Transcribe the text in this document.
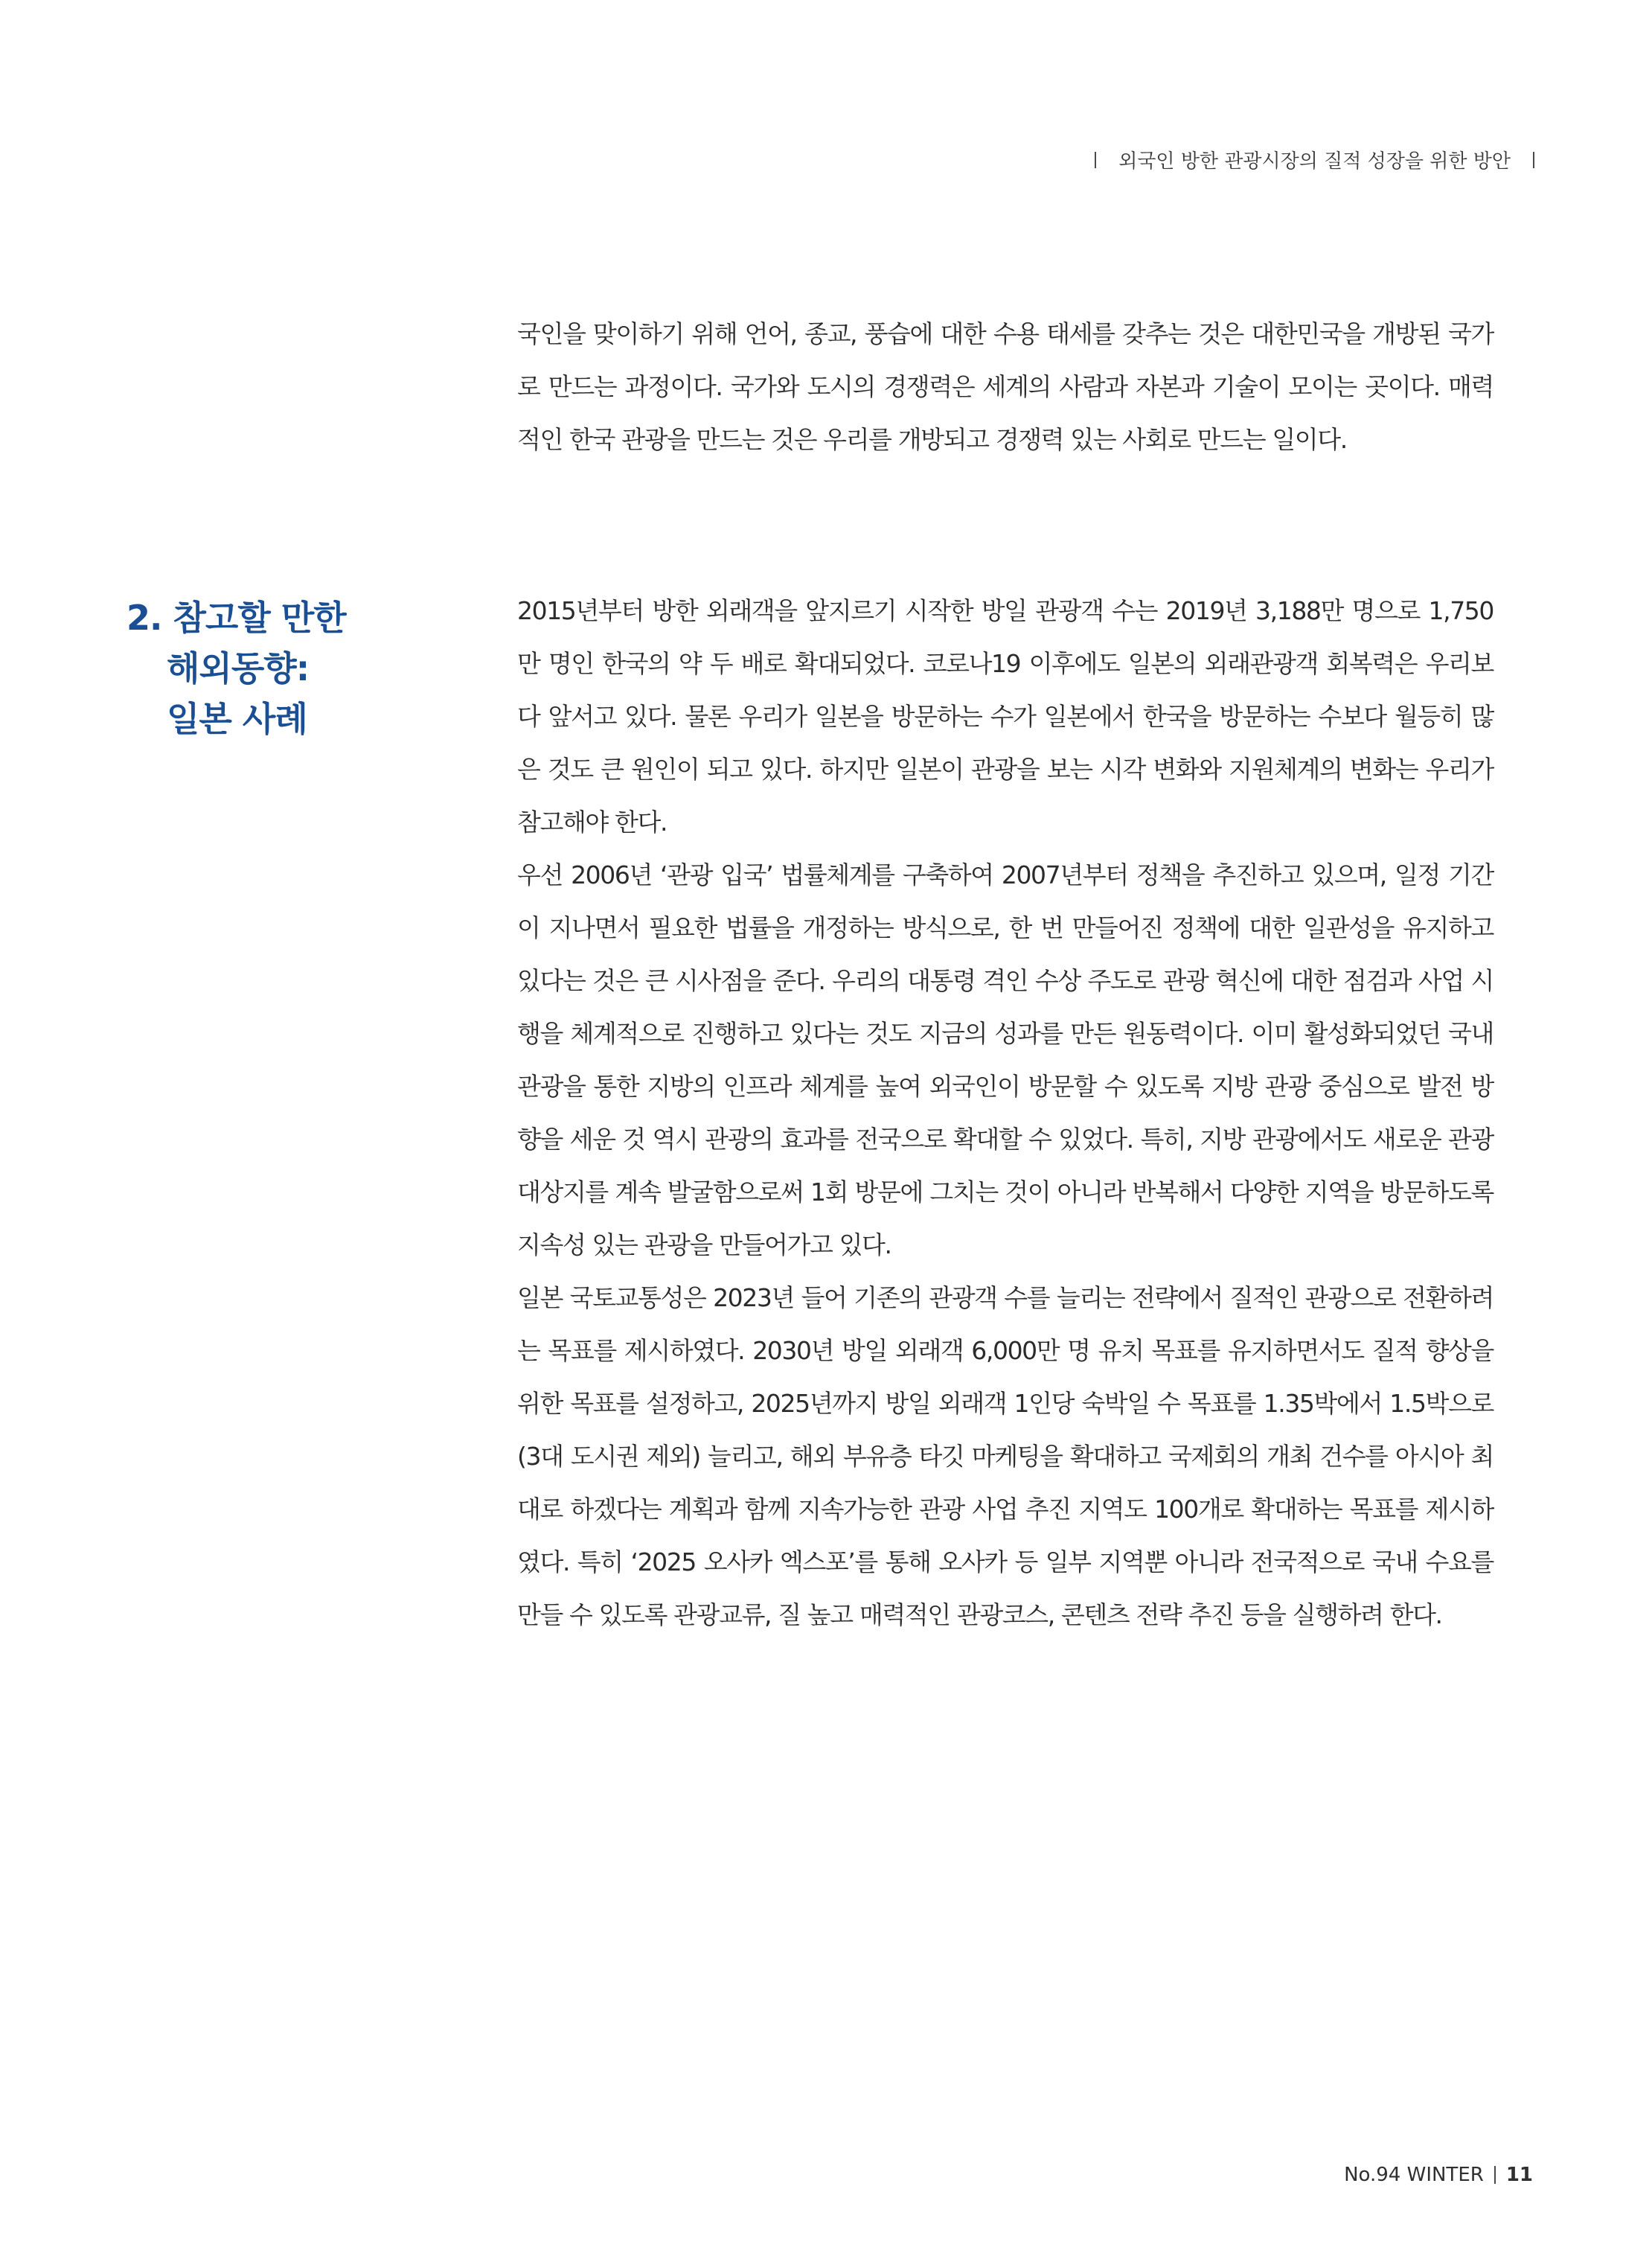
외국인 방한 관광시장의 질적 성장을 위한 방안

국인을 맞이하기 위해 언어, 종교, 풍습에 대한 수용 태세를 갖추는 것은 대한민국을 개방된 국가로 만드는 과정이다. 국가와 도시의 경쟁력은 세계의 사람과 자본과 기술이 모이는 곳이다. 매력적인 한국 관광을 만드는 것은 우리를 개방되고 경쟁력 있는 사회로 만드는 일이다.

2. 참고할 만한
해외동향:
일본 사례

2015년부터 방한 외래객을 앞지르기 시작한 방일 관광객 수는 2019년 3,188만 명으로 1,750만 명인 한국의 약 두 배로 확대되었다. 코로나19 이후에도 일본의 외래관광객 회복력은 우리보다 앞서고 있다. 물론 우리가 일본을 방문하는 수가 일본에서 한국을 방문하는 수보다 월등히 많은 것도 큰 원인이 되고 있다. 하지만 일본이 관광을 보는 시각 변화와 지원체계의 변화는 우리가 참고해야 한다.

우선 2006년 ‘관광 입국’ 법률체계를 구축하여 2007년부터 정책을 추진하고 있으며, 일정 기간이 지나면서 필요한 법률을 개정하는 방식으로, 한 번 만들어진 정책에 대한 일관성을 유지하고 있다는 것은 큰 시사점을 준다. 우리의 대통령 격인 수상 주도로 관광 혁신에 대한 점검과 사업 시행을 체계적으로 진행하고 있다는 것도 지금의 성과를 만든 원동력이다. 이미 활성화되었던 국내관광을 통한 지방의 인프라 체계를 높여 외국인이 방문할 수 있도록 지방 관광 중심으로 발전 방향을 세운 것 역시 관광의 효과를 전국으로 확대할 수 있었다. 특히, 지방 관광에서도 새로운 관광대상지를 계속 발굴함으로써 1회 방문에 그치는 것이 아니라 반복해서 다양한 지역을 방문하도록 지속성 있는 관광을 만들어가고 있다.

일본 국토교통성은 2023년 들어 기존의 관광객 수를 늘리는 전략에서 질적인 관광으로 전환하려는 목표를 제시하였다. 2030년 방일 외래객 6,000만 명 유치 목표를 유지하면서도 질적 향상을 위한 목표를 설정하고, 2025년까지 방일 외래객 1인당 숙박일 수 목표를 1.35박에서 1.5박으로(3대 도시권 제외) 늘리고, 해외 부유층 타깃 마케팅을 확대하고 국제회의 개최 건수를 아시아 최대로 하겠다는 계획과 함께 지속가능한 관광 사업 추진 지역도 100개로 확대하는 목표를 제시하였다. 특히 ‘2025 오사카 엑스포’를 통해 오사카 등 일부 지역뿐 아니라 전국적으로 국내 수요를 만들 수 있도록 관광교류, 질 높고 매력적인 관광코스, 콘텐츠 전략 추진 등을 실행하려 한다.

No.94 WINTER 11
